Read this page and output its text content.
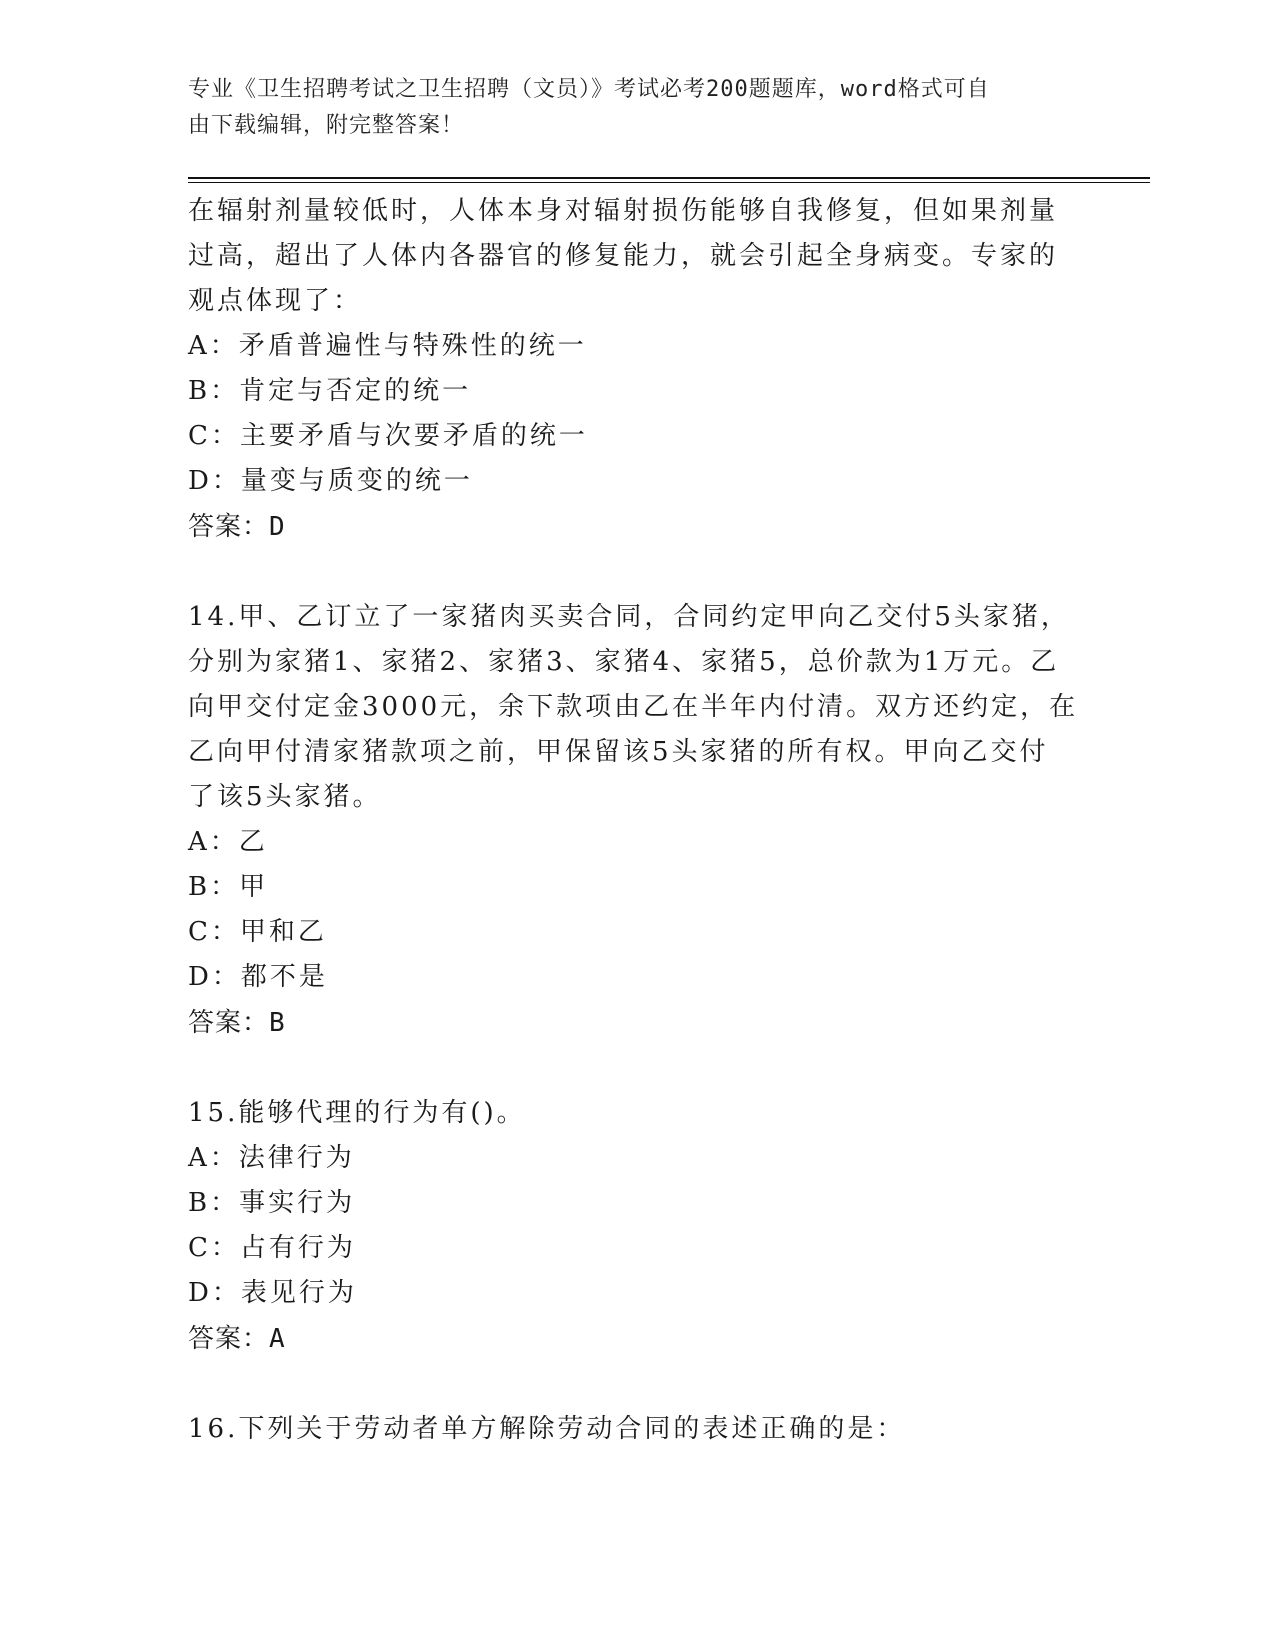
专业《卫生招聘考试之卫生招聘（文员）》考试必考200题题库，word格式可自
由下载编辑，附完整答案！
在辐射剂量较低时，人体本身对辐射损伤能够自我修复，但如果剂量
过高，超出了人体内各器官的修复能力，就会引起全身病变。专家的
观点体现了：
A：矛盾普遍性与特殊性的统一
B：肯定与否定的统一
C：主要矛盾与次要矛盾的统一
D：量变与质变的统一
答案：D
14.甲、乙订立了一家猪肉买卖合同，合同约定甲向乙交付5头家猪，
分别为家猪1、家猪2、家猪3、家猪4、家猪5，总价款为1万元。乙
向甲交付定金3000元，余下款项由乙在半年内付清。双方还约定，在
乙向甲付清家猪款项之前，甲保留该5头家猪的所有权。甲向乙交付
了该5头家猪。
A：乙
B：甲
C：甲和乙
D：都不是
答案：B
15.能够代理的行为有()。
A：法律行为
B：事实行为
C：占有行为
D：表见行为
答案：A
16.下列关于劳动者单方解除劳动合同的表述正确的是：
